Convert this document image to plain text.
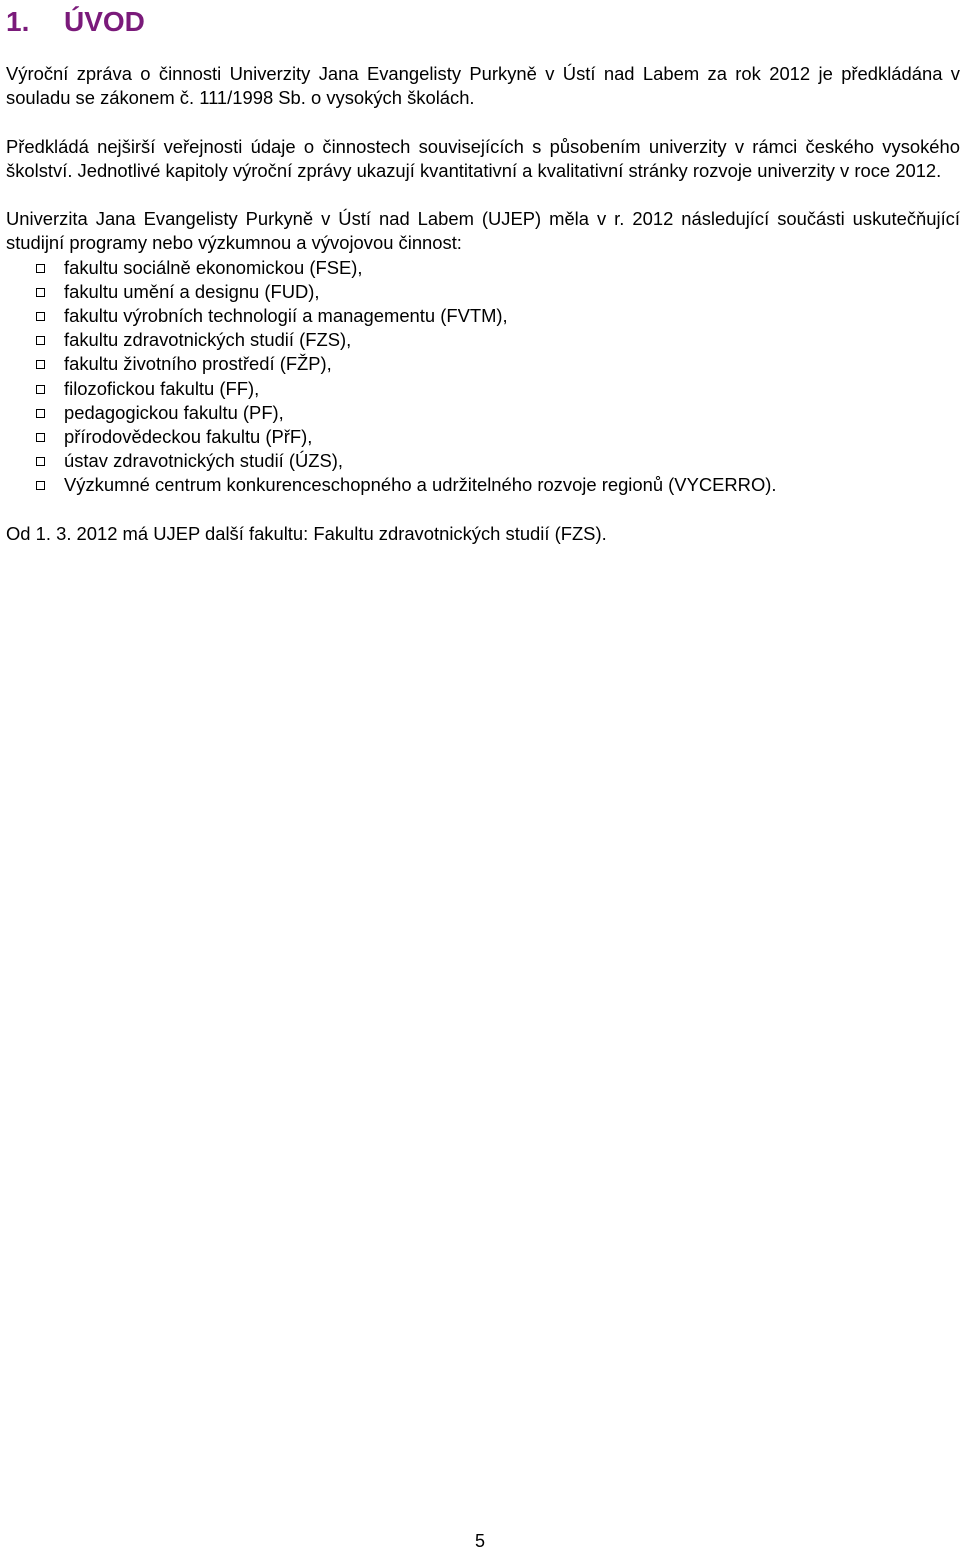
1. ÚVOD

Výroční zpráva o činnosti Univerzity Jana Evangelisty Purkyně v Ústí nad Labem za rok 2012 je předkládána v souladu se zákonem č. 111/1998 Sb. o vysokých školách.

Předkládá nejširší veřejnosti údaje o činnostech souvisejících s působením univerzity v rámci českého vysokého školství. Jednotlivé kapitoly výroční zprávy ukazují kvantitativní a kvalitativní stránky rozvoje univerzity v roce 2012.

Univerzita Jana Evangelisty Purkyně v Ústí nad Labem (UJEP) měla v r. 2012 následující součásti uskutečňující studijní programy nebo výzkumnou a vývojovou činnost:

fakultu sociálně ekonomickou (FSE),
fakultu umění a designu (FUD),
fakultu výrobních technologií a managementu (FVTM),
fakultu zdravotnických studií (FZS),
fakultu životního prostředí (FŽP),
filozofickou fakultu (FF),
pedagogickou fakultu (PF),
přírodovědeckou fakultu (PřF),
ústav zdravotnických studií (ÚZS),
Výzkumné centrum konkurenceschopného a udržitelného rozvoje regionů (VYCERRO).

Od 1. 3. 2012 má UJEP další fakultu: Fakultu zdravotnických studií (FZS).

5
